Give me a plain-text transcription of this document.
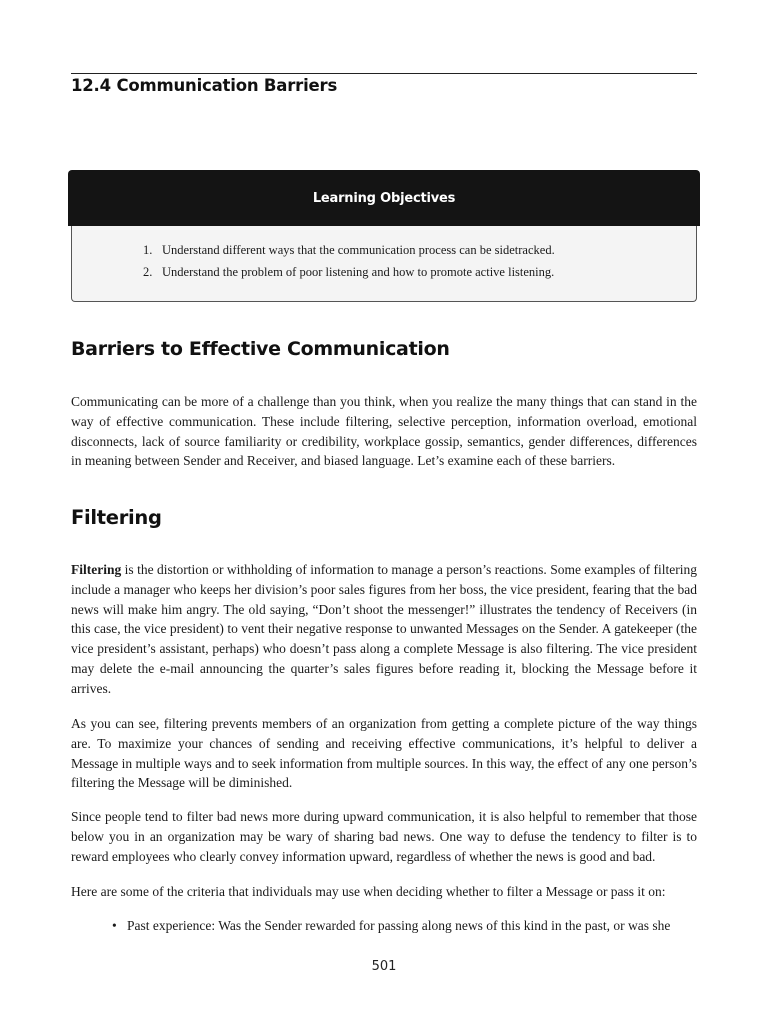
12.4 Communication Barriers
Learning Objectives
1. Understand different ways that the communication process can be sidetracked.
2. Understand the problem of poor listening and how to promote active listening.
Barriers to Effective Communication

Communicating can be more of a challenge than you think, when you realize the many things that can stand in the way of effective communication. These include filtering, selective perception, information overload, emotional disconnects, lack of source familiarity or credibility, workplace gossip, semantics, gender differences, differences in meaning between Sender and Receiver, and biased language. Let’s examine each of these barriers.

Filtering

Filtering is the distortion or withholding of information to manage a person’s reactions. Some examples of filtering include a manager who keeps her division’s poor sales figures from her boss, the vice president, fearing that the bad news will make him angry. The old saying, “Don’t shoot the messenger!” illustrates the tendency of Receivers (in this case, the vice president) to vent their negative response to unwanted Messages on the Sender. A gatekeeper (the vice president’s assistant, perhaps) who doesn’t pass along a complete Message is also filtering. The vice president may delete the e-mail announcing the quarter’s sales figures before reading it, blocking the Message before it arrives.

As you can see, filtering prevents members of an organization from getting a complete picture of the way things are. To maximize your chances of sending and receiving effective communications, it’s helpful to deliver a Message in multiple ways and to seek information from multiple sources. In this way, the effect of any one person’s filtering the Message will be diminished.

Since people tend to filter bad news more during upward communication, it is also helpful to remember that those below you in an organization may be wary of sharing bad news. One way to defuse the tendency to filter is to reward employees who clearly convey information upward, regardless of whether the news is good and bad.

Here are some of the criteria that individuals may use when deciding whether to filter a Message or pass it on:

• Past experience: Was the Sender rewarded for passing along news of this kind in the past, or was she
501
